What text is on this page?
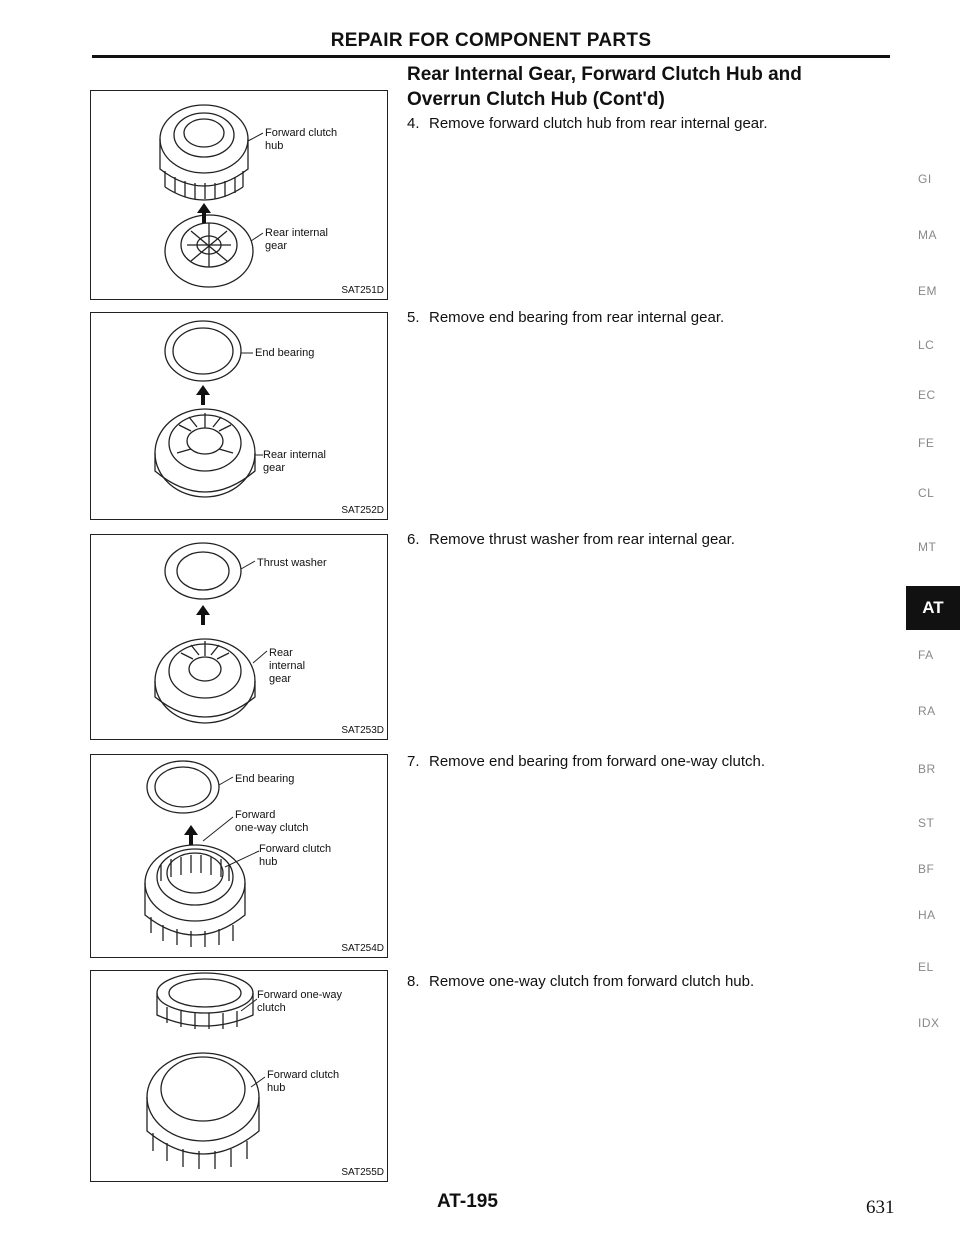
REPAIR FOR COMPONENT PARTS
Rear Internal Gear, Forward Clutch Hub and
Overrun Clutch Hub (Cont'd)
4. Remove forward clutch hub from rear internal gear.
5. Remove end bearing from rear internal gear.
6. Remove thrust washer from rear internal gear.
7. Remove end bearing from forward one-way clutch.
8. Remove one-way clutch from forward clutch hub.
Forward clutch
hub
Rear internal
gear
SAT251D
End bearing
Rear internal
gear
SAT252D
Thrust washer
Rear
internal
gear
SAT253D
End bearing
Forward
one-way clutch
Forward clutch
hub
SAT254D
Forward one-way
clutch
Forward clutch
hub
SAT255D
GI
MA
EM
LC
EC
FE
CL
MT
AT
FA
RA
BR
ST
BF
HA
EL
IDX
AT-195	631
